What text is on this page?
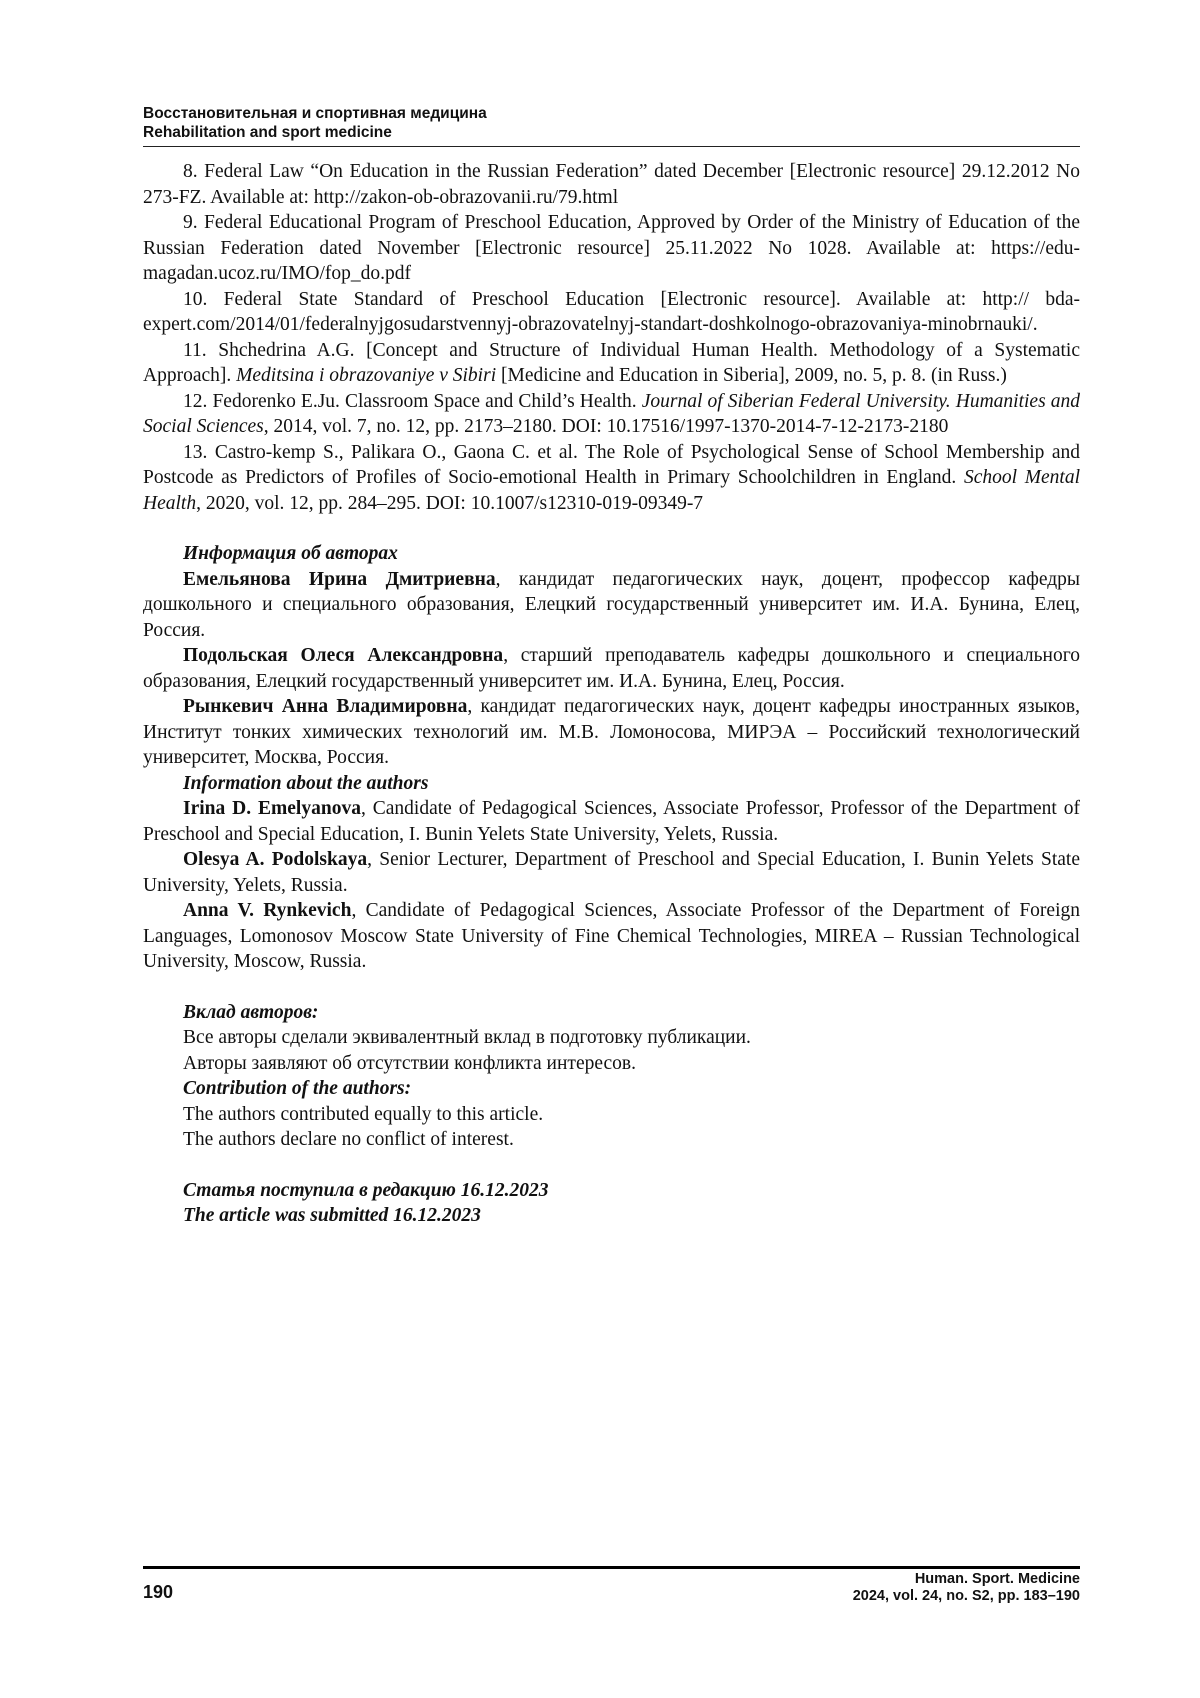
Восстановительная и спортивная медицина
Rehabilitation and sport medicine

8. Federal Law “On Education in the Russian Federation” dated December [Electronic resource] 29.12.2012 No 273-FZ. Available at: http://zakon-ob-obrazovanii.ru/79.html

9. Federal Educational Program of Preschool Education, Approved by Order of the Ministry of Education of the Russian Federation dated November [Electronic resource] 25.11.2022 No 1028. Available at: https://edu-magadan.ucoz.ru/IMO/fop_do.pdf

10. Federal State Standard of Preschool Education [Electronic resource]. Available at: http:// bda-expert.com/2014/01/federalnyjgosudarstvennyj-obrazovatelnyj-standart-doshkolnogo-obrazovaniya-minobrnauki/.

11. Shchedrina A.G. [Concept and Structure of Individual Human Health. Methodology of a Systematic Approach]. Meditsina i obrazovaniye v Sibiri [Medicine and Education in Siberia], 2009, no. 5, p. 8. (in Russ.)

12. Fedorenko E.Ju. Classroom Space and Child’s Health. Journal of Siberian Federal University. Humanities and Social Sciences, 2014, vol. 7, no. 12, pp. 2173–2180. DOI: 10.17516/1997-1370-2014-7-12-2173-2180

13. Castro-kemp S., Palikara O., Gaona C. et al. The Role of Psychological Sense of School Membership and Postcode as Predictors of Profiles of Socio-emotional Health in Primary Schoolchildren in England. School Mental Health, 2020, vol. 12, pp. 284–295. DOI: 10.1007/s12310-019-09349-7

Информация об авторах

Емельянова Ирина Дмитриевна, кандидат педагогических наук, доцент, профессор кафедры дошкольного и специального образования, Елецкий государственный университет им. И.А. Бунина, Елец, Россия.

Подольская Олеся Александровна, старший преподаватель кафедры дошкольного и специального образования, Елецкий государственный университет им. И.А. Бунина, Елец, Россия.

Рынкевич Анна Владимировна, кандидат педагогических наук, доцент кафедры иностранных языков, Институт тонких химических технологий им. М.В. Ломоносова, МИРЭА – Российский технологический университет, Москва, Россия.

Information about the authors

Irina D. Emelyanova, Candidate of Pedagogical Sciences, Associate Professor, Professor of the Department of Preschool and Special Education, I. Bunin Yelets State University, Yelets, Russia.

Olesya A. Podolskaya, Senior Lecturer, Department of Preschool and Special Education, I. Bunin Yelets State University, Yelets, Russia.

Anna V. Rynkevich, Candidate of Pedagogical Sciences, Associate Professor of the Department of Foreign Languages, Lomonosov Moscow State University of Fine Chemical Technologies, MIREA – Russian Technological University, Moscow, Russia.

Вклад авторов:

Все авторы сделали эквивалентный вклад в подготовку публикации.

Авторы заявляют об отсутствии конфликта интересов.

Contribution of the authors:

The authors contributed equally to this article.

The authors declare no conflict of interest.

Статья поступила в редакцию 16.12.2023

The article was submitted 16.12.2023

190
Human. Sport. Medicine
2024, vol. 24, no. S2, pp. 183–190
